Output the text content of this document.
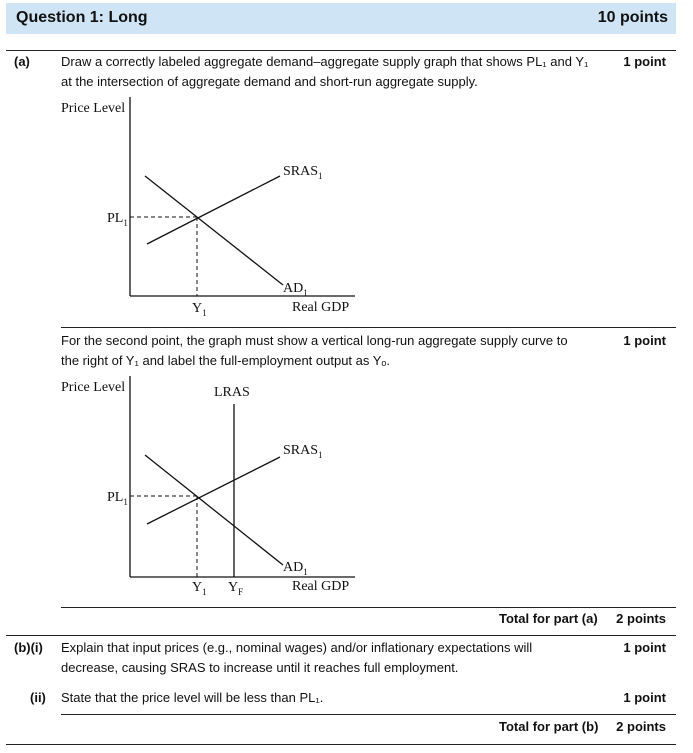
Question 1: Long	10 points
(a) Draw a correctly labeled aggregate demand–aggregate supply graph that shows PL₁ and Y₁
at the intersection of aggregate demand and short-run aggregate supply.
1 point
Price Level
$SRAS_1$
$AD_1$
$PL_1$
$Y_1$	Real GDP
For the second point, the graph must show a vertical long-run aggregate supply curve to
the right of Y₁ and label the full-employment output as Yₒ.
1 point
Price Level	LRAS
$SRAS_1$
$AD_1$
$PL_1$
$Y_1$ $Y_F$	Real GDP
Total for part (a) 2 points
(b)(i) Explain that input prices (e.g., nominal wages) and/or inflationary expectations will
decrease, causing SRAS to increase until it reaches full employment.
1 point
(ii) State that the price level will be less than PL₁.	1 point
Total for part (b) 2 points
